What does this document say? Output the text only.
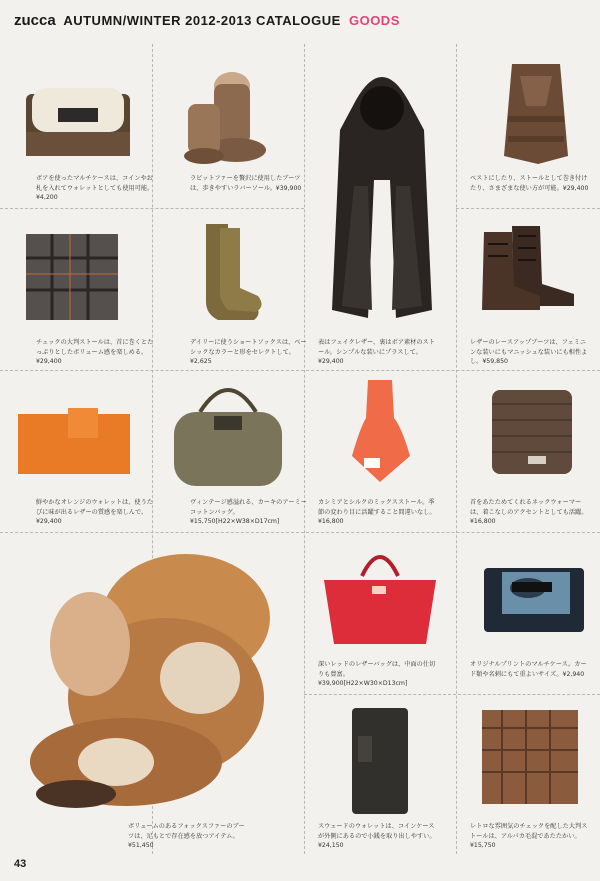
zucca AUTUMN/WINTER 2012-2013 CATALOGUE GOODS
ボアを使ったマルチケースは、コインやお札を入れてウォレットとしても使用可能。¥4,200
ラビットファーを贅沢に使用したブーツは、歩きやすいラバーソール。¥39,900
表はフェイクレザー、裏はボア素材のストール。シンプルな装いにプラスして。¥29,400
ベストにしたり、ストールとして巻き付けたり、さまざまな使い方が可能。¥29,400
チェックの大判ストールは、首に巻くとたっぷりとしたボリューム感を楽しめる。¥29,400
デイリーに使うショートソックスは、ベーシックなカラーと形をセレクトして。¥2,625
レザーのレースアップブーツは、フェミニンな装いにもマニッシュな装いにも相性よし。¥59,850
鮮やかなオレンジのウォレットは、使うたびに味が出るレザーの質感を楽しんで。¥29,400
ヴィンテージ感溢れる、カーキのアーミーコットンバッグ。¥15,750[H22×W38×D17cm]
カシミアとシルクのミックスストール。季節の変わり目に活躍すること間違いなし。¥16,800
首をあたためてくれるネックウォーマーは、着こなしのアクセントとしても活躍。¥16,800
ボリュームのあるフォックスファーのブーツは、足もとで存在感を放つアイテム。¥51,450
深いレッドのレザーバッグは、中面の仕切りも豊富。¥39,900[H22×W30×D13cm]
オリジナルプリントのマルチケース。カード類や名刺にもて重よいサイズ。¥2,940
スウェードのウォレットは、コインケースが外側にあるので小銭を取り出しやすい。¥24,150
レトロな雰囲気のチェックを配した大判ストールは、アルパカ毛混であたたかい。¥15,750
43
